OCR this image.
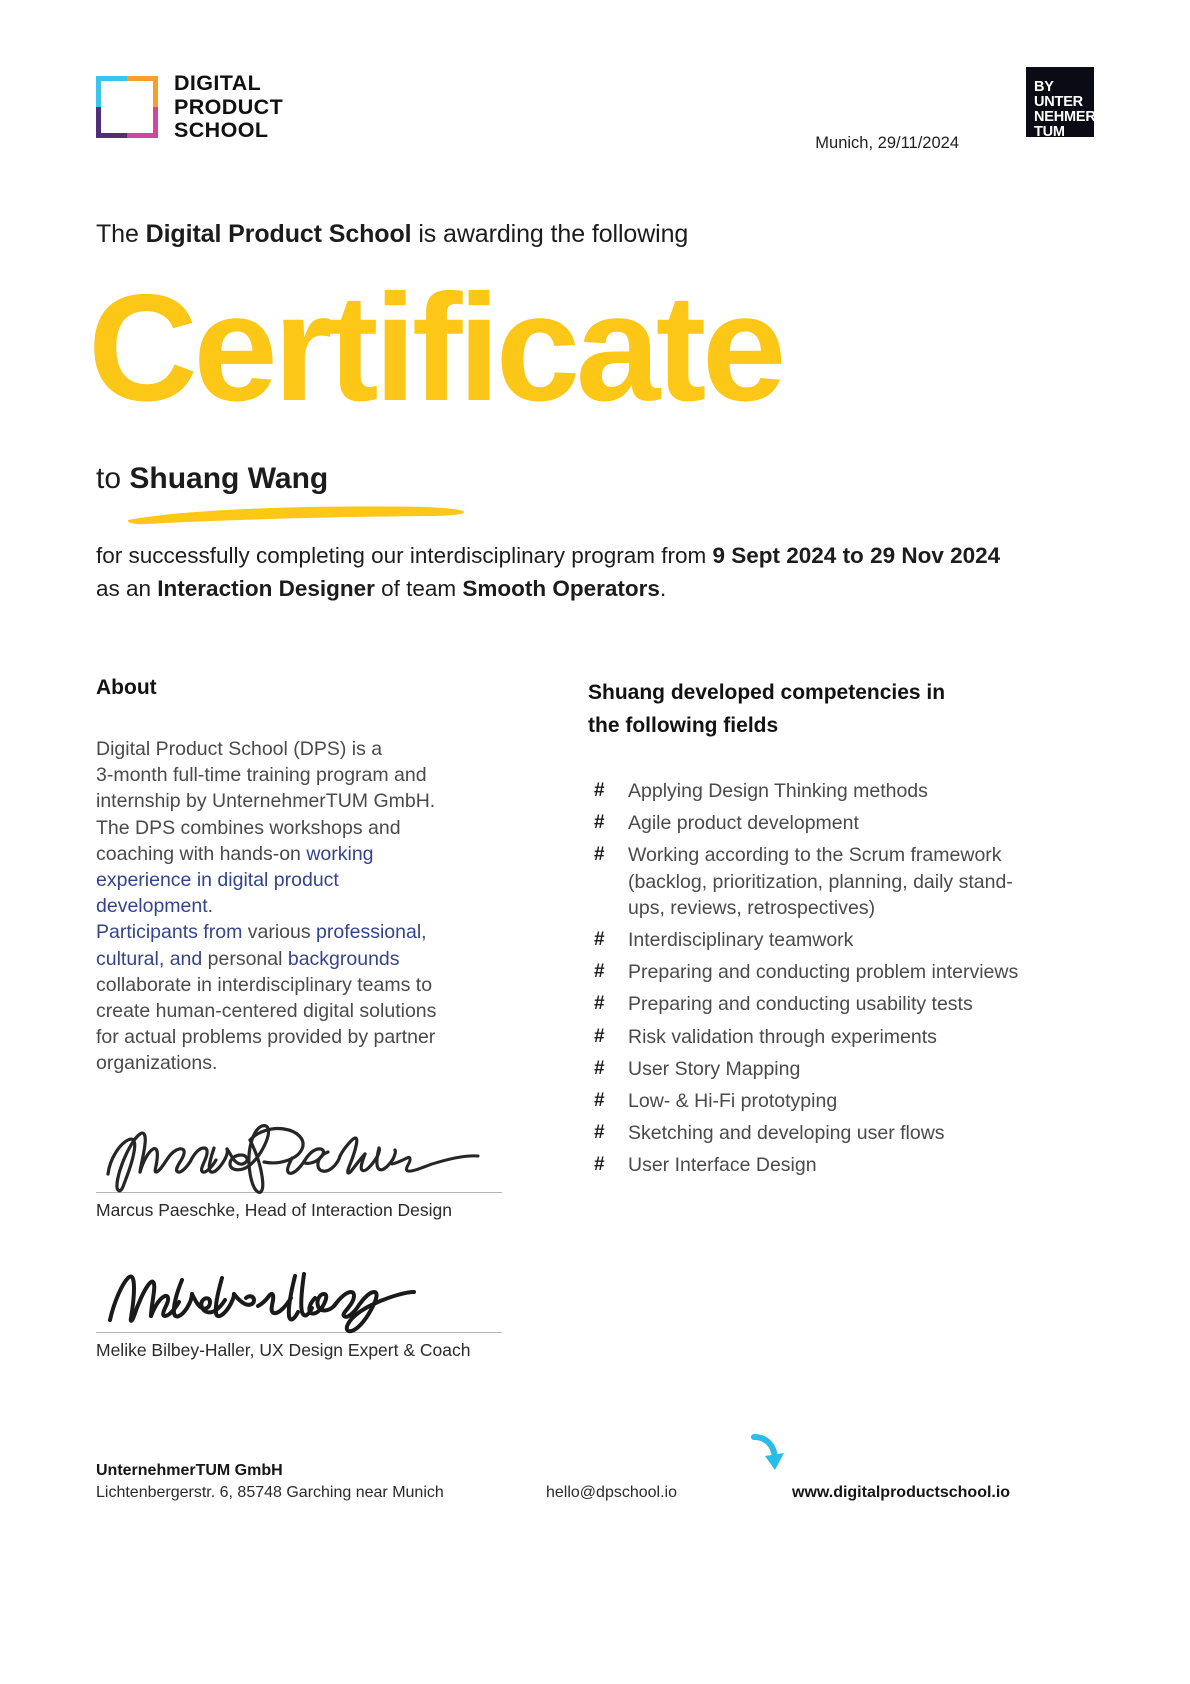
DIGITAL
PRODUCT
SCHOOL
Munich, 29/11/2024
BY
UNTER
NEHMER
TUM
The Digital Product School is awarding the following
Certificate
to Shuang Wang
for successfully completing our interdisciplinary program from 9 Sept 2024 to 29 Nov 2024 as an Interaction Designer of team Smooth Operators.
About
Digital Product School (DPS) is a
3-month full-time training program and
internship by UnternehmerTUM GmbH.
The DPS combines workshops and
coaching with hands-on working
experience in digital product
development.
Participants from various professional,
cultural, and personal backgrounds
collaborate in interdisciplinary teams to
create human-centered digital solutions
for actual problems provided by partner
organizations.
Shuang developed competencies in
the following fields
# Applying Design Thinking methods
# Agile product development
# Working according to the Scrum framework (backlog, prioritization, planning, daily stand-ups, reviews, retrospectives)
# Interdisciplinary teamwork
# Preparing and conducting problem interviews
# Preparing and conducting usability tests
# Risk validation through experiments
# User Story Mapping
# Low- & Hi-Fi prototyping
# Sketching and developing user flows
# User Interface Design
Marcus Paeschke, Head of Interaction Design
Melike Bilbey-Haller, UX Design Expert & Coach
UnternehmerTUM GmbH
Lichtenbergerstr. 6, 85748 Garching near Munich	hello@dpschool.io	www.digitalproductschool.io
